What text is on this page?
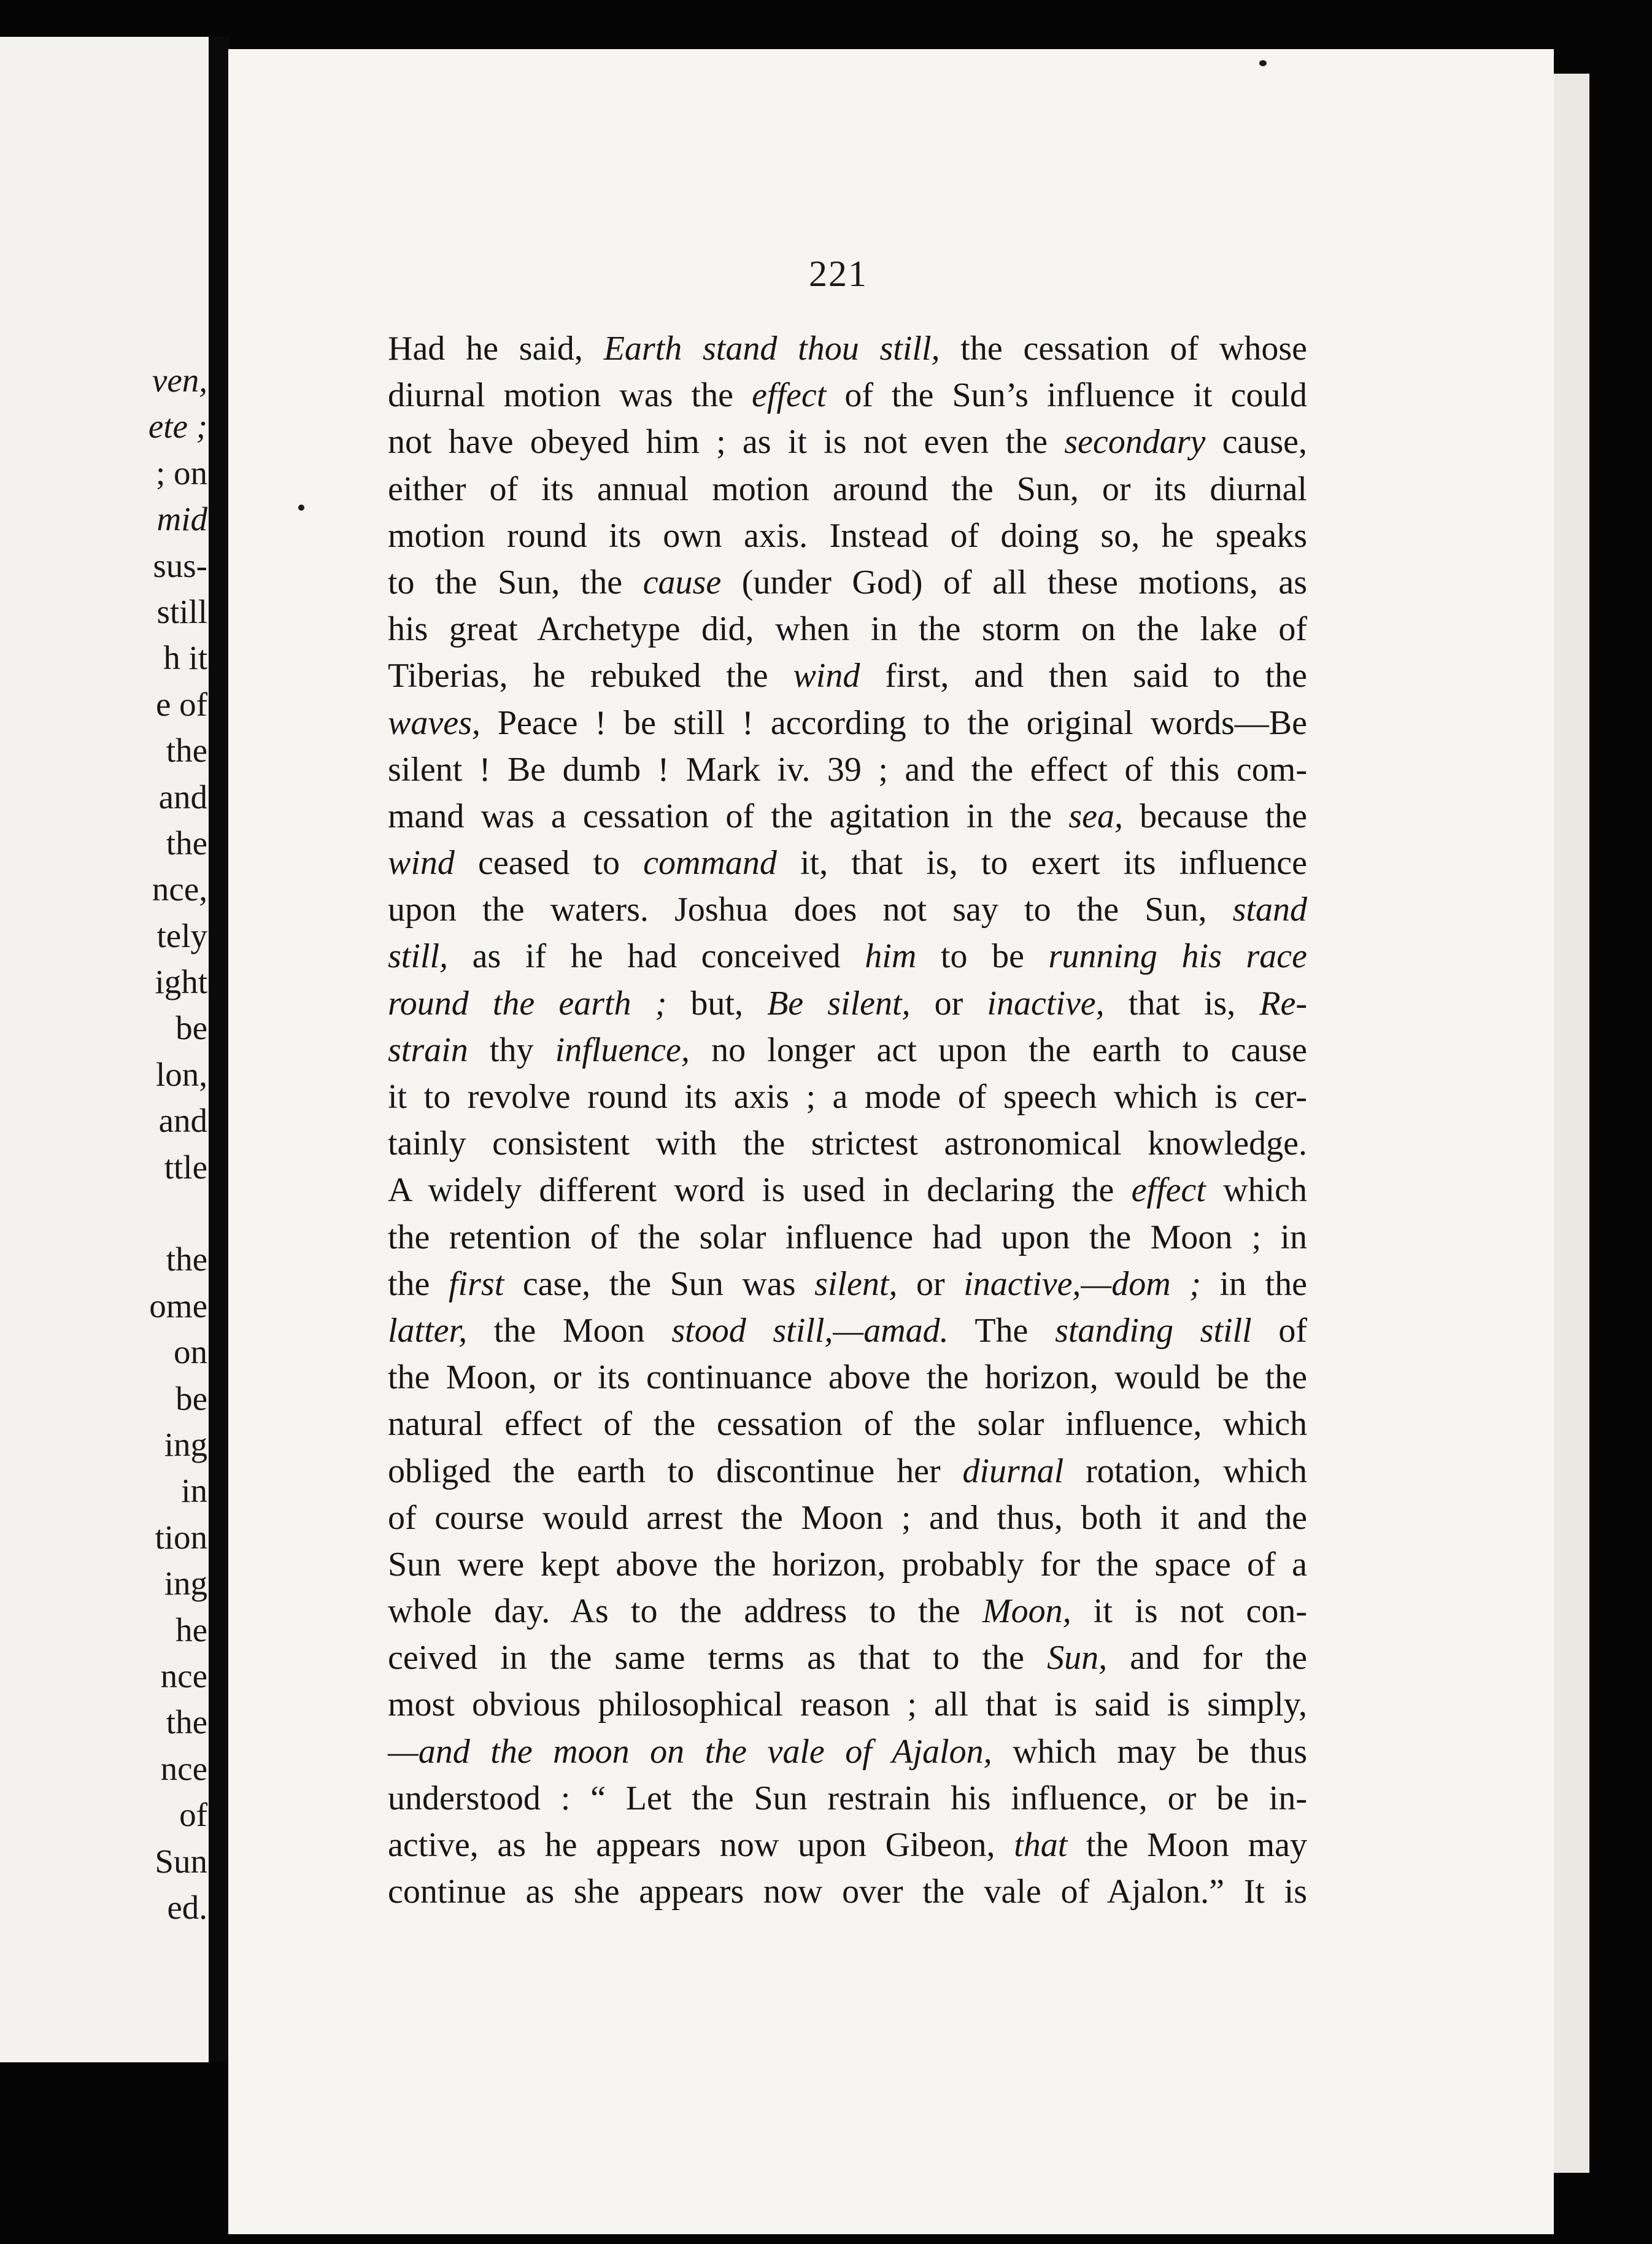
ven,
ete ;
; on
mid
sus-
still
h it
e of
the
and
the
nce,
tely
ight
be
lon,
and
ttle
the
ome
on
be
ing
in
tion
ing
he
nce
the
nce
of
Sun
ed.
221
Had he said, Earth stand thou still, the cessation of whose
diurnal motion was the effect of the Sun’s influence it could
not have obeyed him ; as it is not even the secondary cause,
either of its annual motion around the Sun, or its diurnal
motion round its own axis. Instead of doing so, he speaks
to the Sun, the cause (under God) of all these motions, as
his great Archetype did, when in the storm on the lake of
Tiberias, he rebuked the wind first, and then said to the
waves, Peace ! be still ! according to the original words—Be
silent ! Be dumb ! Mark iv. 39 ; and the effect of this com-
mand was a cessation of the agitation in the sea, because the
wind ceased to command it, that is, to exert its influence
upon the waters. Joshua does not say to the Sun, stand
still, as if he had conceived him to be running his race
round the earth ; but, Be silent, or inactive, that is, Re-
strain thy influence, no longer act upon the earth to cause
it to revolve round its axis ; a mode of speech which is cer-
tainly consistent with the strictest astronomical knowledge.
A widely different word is used in declaring the effect which
the retention of the solar influence had upon the Moon ; in
the first case, the Sun was silent, or inactive,—dom ; in the
latter, the Moon stood still,—amad. The standing still of
the Moon, or its continuance above the horizon, would be the
natural effect of the cessation of the solar influence, which
obliged the earth to discontinue her diurnal rotation, which
of course would arrest the Moon ; and thus, both it and the
Sun were kept above the horizon, probably for the space of a
whole day. As to the address to the Moon, it is not con-
ceived in the same terms as that to the Sun, and for the
most obvious philosophical reason ; all that is said is simply,
—and the moon on the vale of Ajalon, which may be thus
understood : “ Let the Sun restrain his influence, or be in-
active, as he appears now upon Gibeon, that the Moon may
continue as she appears now over the vale of Ajalon.” It is
